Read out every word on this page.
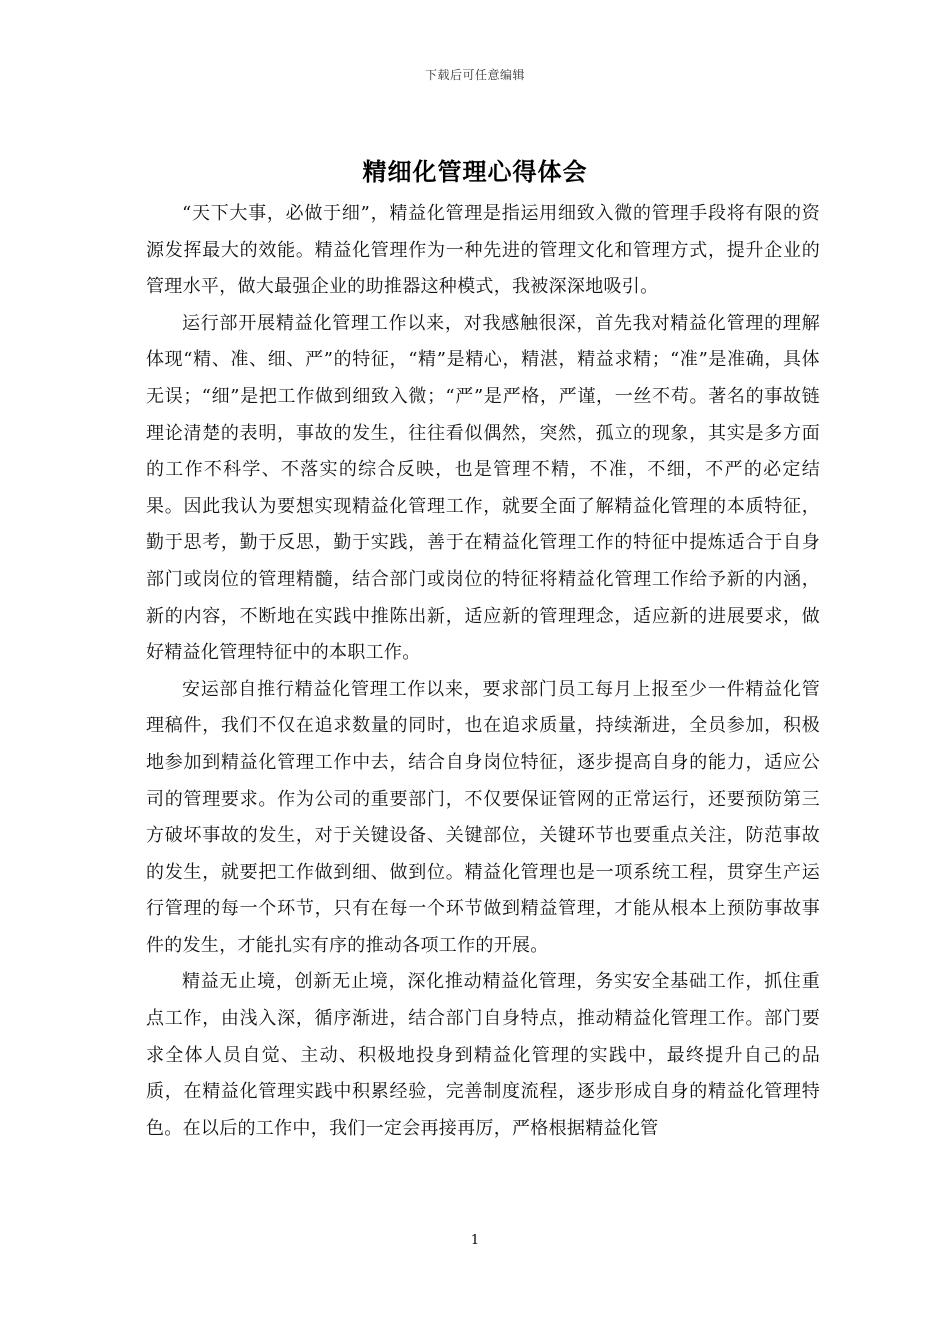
下载后可任意编辑
精细化管理心得体会

“天下大事，必做于细”，精益化管理是指运用细致入微的管理手段将有限的资源发挥最大的效能。精益化管理作为一种先进的管理文化和管理方式，提升企业的管理水平，做大最强企业的助推器这种模式，我被深深地吸引。

运行部开展精益化管理工作以来，对我感触很深，首先我对精益化管理的理解体现“精、准、细、严”的特征，“精”是精心，精湛，精益求精；“准”是准确，具体无误；“细”是把工作做到细致入微；“严”是严格，严谨，一丝不苟。著名的事故链理论清楚的表明，事故的发生，往往看似偶然，突然，孤立的现象，其实是多方面的工作不科学、不落实的综合反映，也是管理不精，不准，不细，不严的必定结果。因此我认为要想实现精益化管理工作，就要全面了解精益化管理的本质特征，勤于思考，勤于反思，勤于实践，善于在精益化管理工作的特征中提炼适合于自身部门或岗位的管理精髓，结合部门或岗位的特征将精益化管理工作给予新的内涵，新的内容，不断地在实践中推陈出新，适应新的管理理念，适应新的进展要求，做好精益化管理特征中的本职工作。

安运部自推行精益化管理工作以来，要求部门员工每月上报至少一件精益化管理稿件，我们不仅在追求数量的同时，也在追求质量，持续渐进，全员参加，积极地参加到精益化管理工作中去，结合自身岗位特征，逐步提高自身的能力，适应公司的管理要求。作为公司的重要部门，不仅要保证管网的正常运行，还要预防第三方破坏事故的发生，对于关键设备、关键部位，关键环节也要重点关注，防范事故的发生，就要把工作做到细、做到位。精益化管理也是一项系统工程，贯穿生产运行管理的每一个环节，只有在每一个环节做到精益管理，才能从根本上预防事故事件的发生，才能扎实有序的推动各项工作的开展。

精益无止境，创新无止境，深化推动精益化管理，务实安全基础工作，抓住重点工作，由浅入深，循序渐进，结合部门自身特点，推动精益化管理工作。部门要求全体人员自觉、主动、积极地投身到精益化管理的实践中，最终提升自己的品质，在精益化管理实践中积累经验，完善制度流程，逐步形成自身的精益化管理特色。在以后的工作中，我们一定会再接再厉，严格根据精益化管

1
